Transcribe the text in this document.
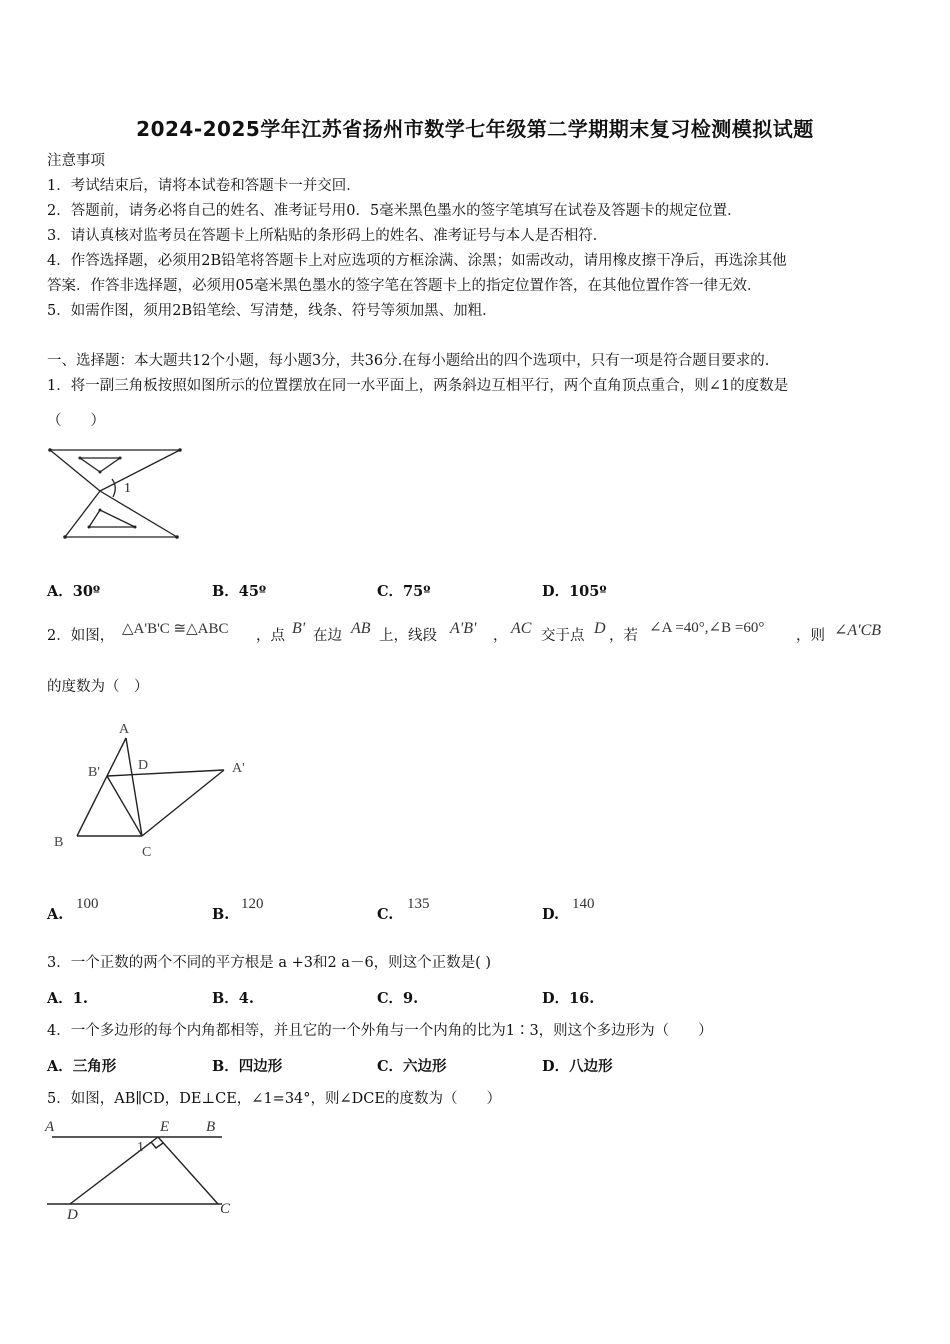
2024-2025学年江苏省扬州市数学七年级第二学期期末复习检测模拟试题
注意事项
1．考试结束后，请将本试卷和答题卡一并交回．
2．答题前，请务必将自己的姓名、准考证号用0．5毫米黑色墨水的签字笔填写在试卷及答题卡的规定位置．
3．请认真核对监考员在答题卡上所粘贴的条形码上的姓名、准考证号与本人是否相符．
4．作答选择题，必须用2B铅笔将答题卡上对应选项的方框涂满、涂黑；如需改动，请用橡皮擦干净后，再选涂其他
答案．作答非选择题，必须用05毫米黑色墨水的签字笔在答题卡上的指定位置作答，在其他位置作答一律无效．
5．如需作图，须用2B铅笔绘、写清楚，线条、符号等须加黑、加粗．
一、选择题：本大题共12个小题，每小题3分，共36分.在每小题给出的四个选项中，只有一项是符合题目要求的.
1．将一副三角板按照如图所示的位置摆放在同一水平面上，两条斜边互相平行，两个直角顶点重合，则∠1的度数是
（　　）
1
A．30º	B．45º	C．75º	D．105º
2．如图， △A'B'C ≅△ABC ，点 B' 在边 AB 上，线段 A'B' ， AC 交于点 D ，若 ∠A =40°,∠B =60° ，则 ∠A'CB
的度数为（　）
A
B'	D	A'
B
C
A.
100
B.
120
C.
135
D.
140
3．一个正数的两个不同的平方根是 a +3和2 a－6，则这个正数是( )
A．1.	B．4.	C．9.	D．16.
4．一个多边形的每个内角都相等，并且它的一个外角与一个内角的比为1∶3，则这个多边形为（　　）
A．三角形	B．四边形	C．六边形	D．八边形
5．如图，AB∥CD，DE⊥CE，∠1=34°，则∠DCE的度数为（　　）
A	E B
D	C
1
